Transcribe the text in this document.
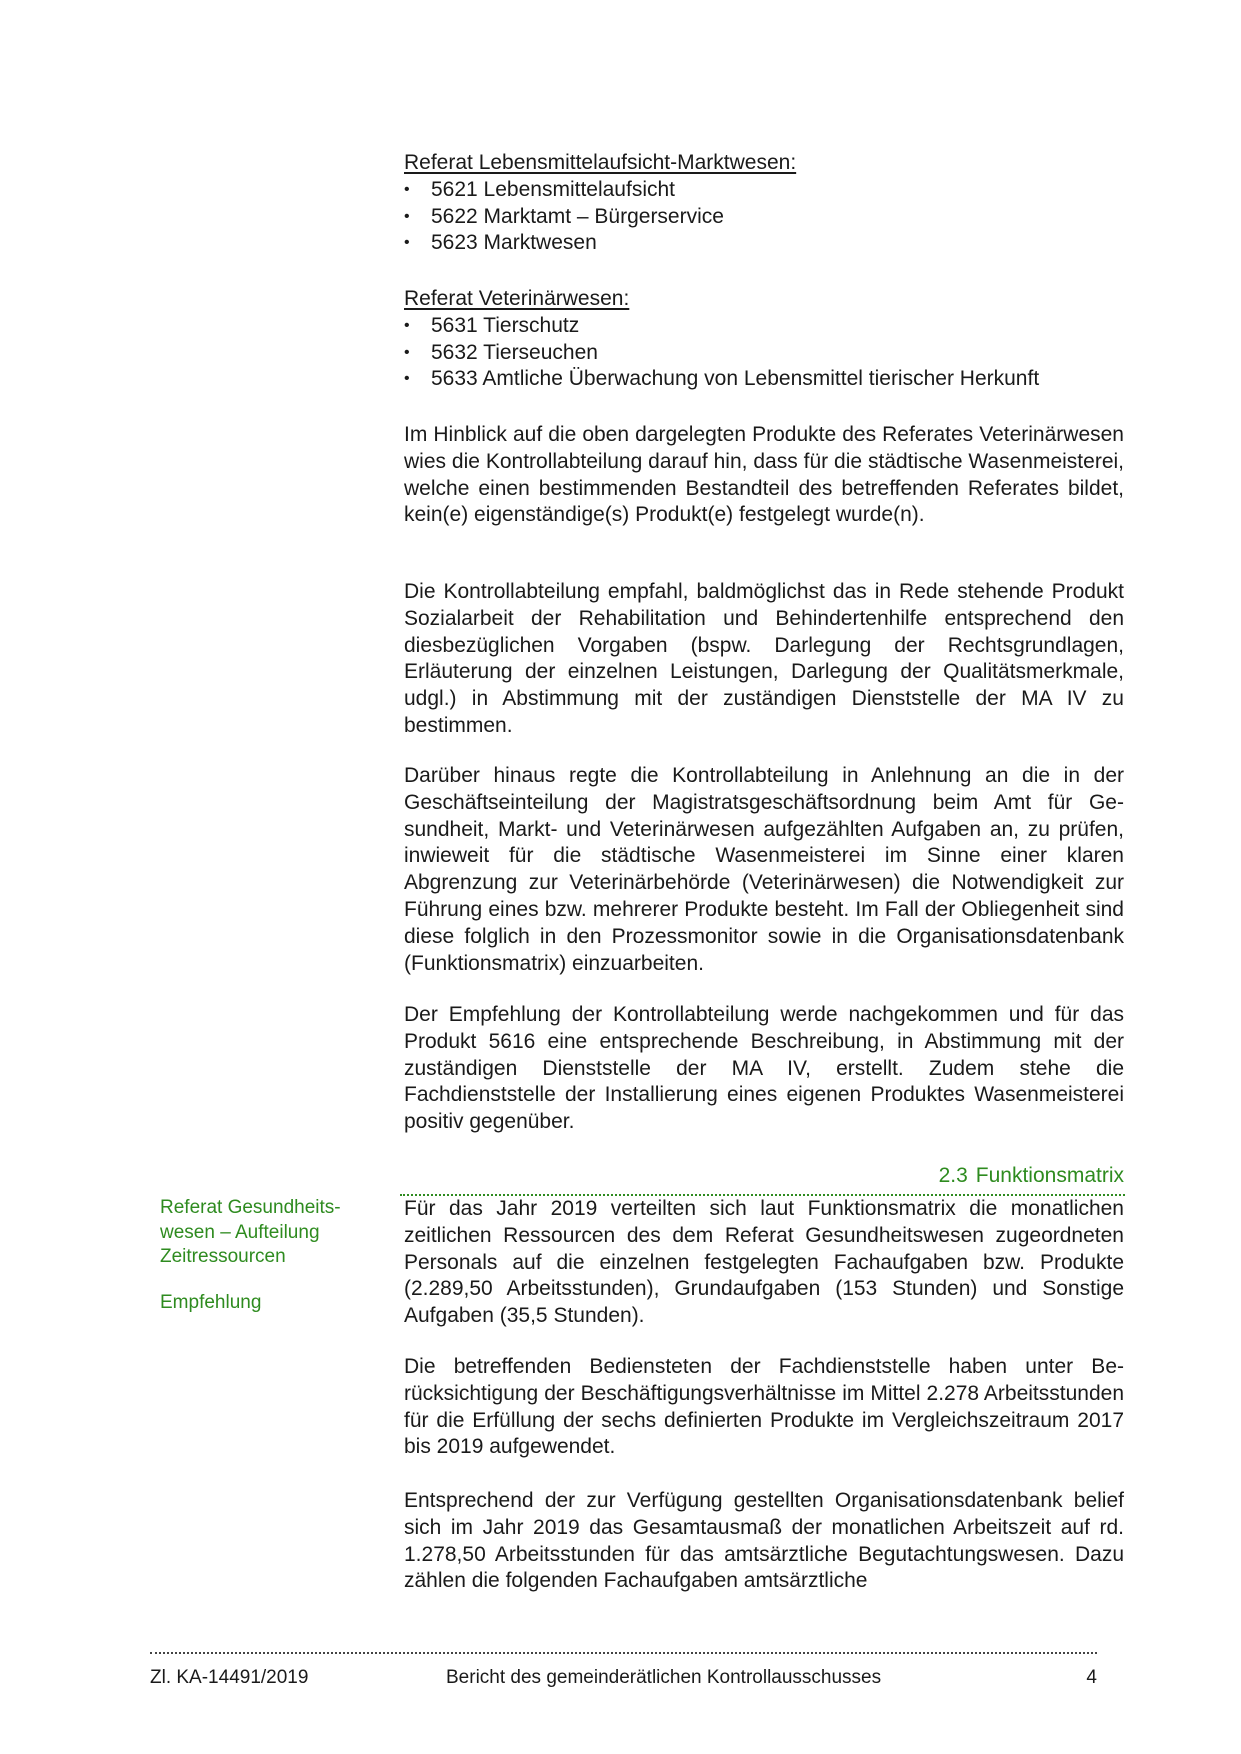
Referat Lebensmittelaufsicht-Marktwesen:

• 5621 Lebensmittelaufsicht
• 5622 Marktamt – Bürgerservice
• 5623 Marktwesen

Referat Veterinärwesen:

• 5631 Tierschutz
• 5632 Tierseuchen
• 5633 Amtliche Überwachung von Lebensmittel tierischer Herkunft

Im Hinblick auf die oben dargelegten Produkte des Referates Veterinärwesen wies die Kontrollabteilung darauf hin, dass für die städtische Wasenmeisterei, welche einen bestimmenden Bestandteil des betreffenden Referates bildet, kein(e) eigenständige(s) Produkt(e) festgelegt wurde(n).

Die Kontrollabteilung empfahl, baldmöglichst das in Rede stehende Produkt Sozialarbeit der Rehabilitation und Behindertenhilfe entsprechend den diesbezüglichen Vorgaben (bspw. Darlegung der Rechtsgrundlagen, Erläuterung der einzelnen Leistungen, Darlegung der Qualitätsmerkmale, udgl.) in Abstimmung mit der zuständigen Dienststelle der MA IV zu bestimmen.

Darüber hinaus regte die Kontrollabteilung in Anlehnung an die in der Geschäftseinteilung der Magistratsgeschäftsordnung beim Amt für Gesundheit, Markt- und Veterinärwesen aufgezählten Aufgaben an, zu prüfen, inwieweit für die städtische Wasenmeisterei im Sinne einer klaren Abgrenzung zur Veterinärbehörde (Veterinärwesen) die Notwendigkeit zur Führung eines bzw. mehrerer Produkte besteht. Im Fall der Obliegenheit sind diese folglich in den Prozessmonitor sowie in die Organisationsdatenbank (Funktionsmatrix) einzuarbeiten.

Der Empfehlung der Kontrollabteilung werde nachgekommen und für das Produkt 5616 eine entsprechende Beschreibung, in Abstimmung mit der zuständigen Dienststelle der MA IV, erstellt. Zudem stehe die Fachdienststelle der Installierung eines eigenen Produktes Wasenmeisterei positiv gegenüber.

2.3 Funktionsmatrix
Referat Gesundheitswesen – Aufteilung Zeitressourcen
Empfehlung

Für das Jahr 2019 verteilten sich laut Funktionsmatrix die monatlichen zeitlichen Ressourcen des dem Referat Gesundheitswesen zugeordneten Personals auf die einzelnen festgelegten Fachaufgaben bzw. Produkte (2.289,50 Arbeitsstunden), Grundaufgaben (153 Stunden) und Sonstige Aufgaben (35,5 Stunden).

Die betreffenden Bediensteten der Fachdienststelle haben unter Berücksichtigung der Beschäftigungsverhältnisse im Mittel 2.278 Arbeitsstunden für die Erfüllung der sechs definierten Produkte im Vergleichszeitraum 2017 bis 2019 aufgewendet.

Entsprechend der zur Verfügung gestellten Organisationsdatenbank belief sich im Jahr 2019 das Gesamtausmaß der monatlichen Arbeitszeit auf rd. 1.278,50 Arbeitsstunden für das amtsärztliche Begutachtungswesen. Dazu zählen die folgenden Fachaufgaben amtsärztliche

Zl. KA-14491/2019	Bericht des gemeinderätlichen Kontrollausschusses	4
